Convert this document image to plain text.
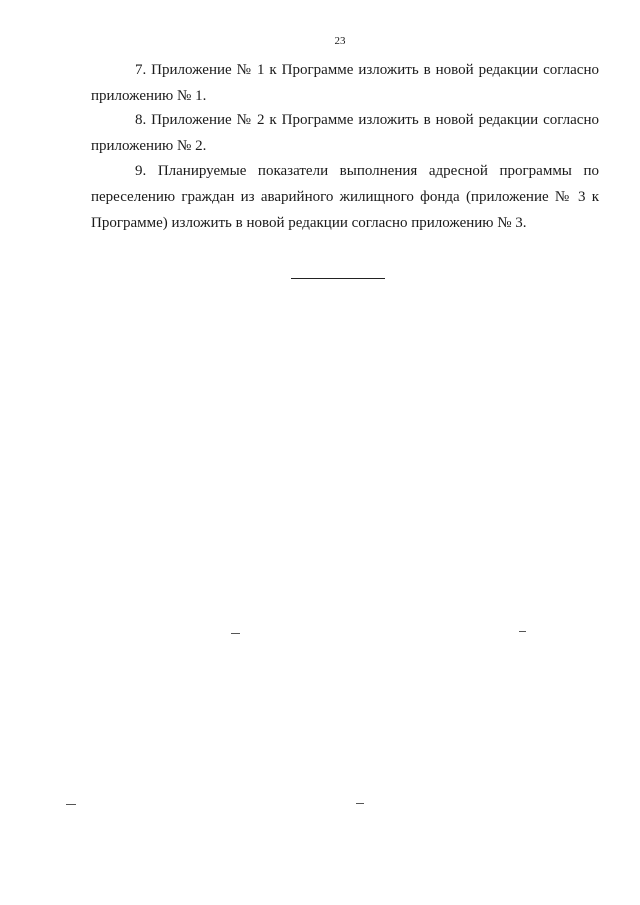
23

7. Приложение № 1 к Программе изложить в новой редакции согласно приложению № 1.

8. Приложение № 2 к Программе изложить в новой редакции согласно приложению № 2.

9. Планируемые показатели выполнения адресной программы по переселению граждан из аварийного жилищного фонда (приложение № 3 к Программе) изложить в новой редакции согласно приложению № 3.
